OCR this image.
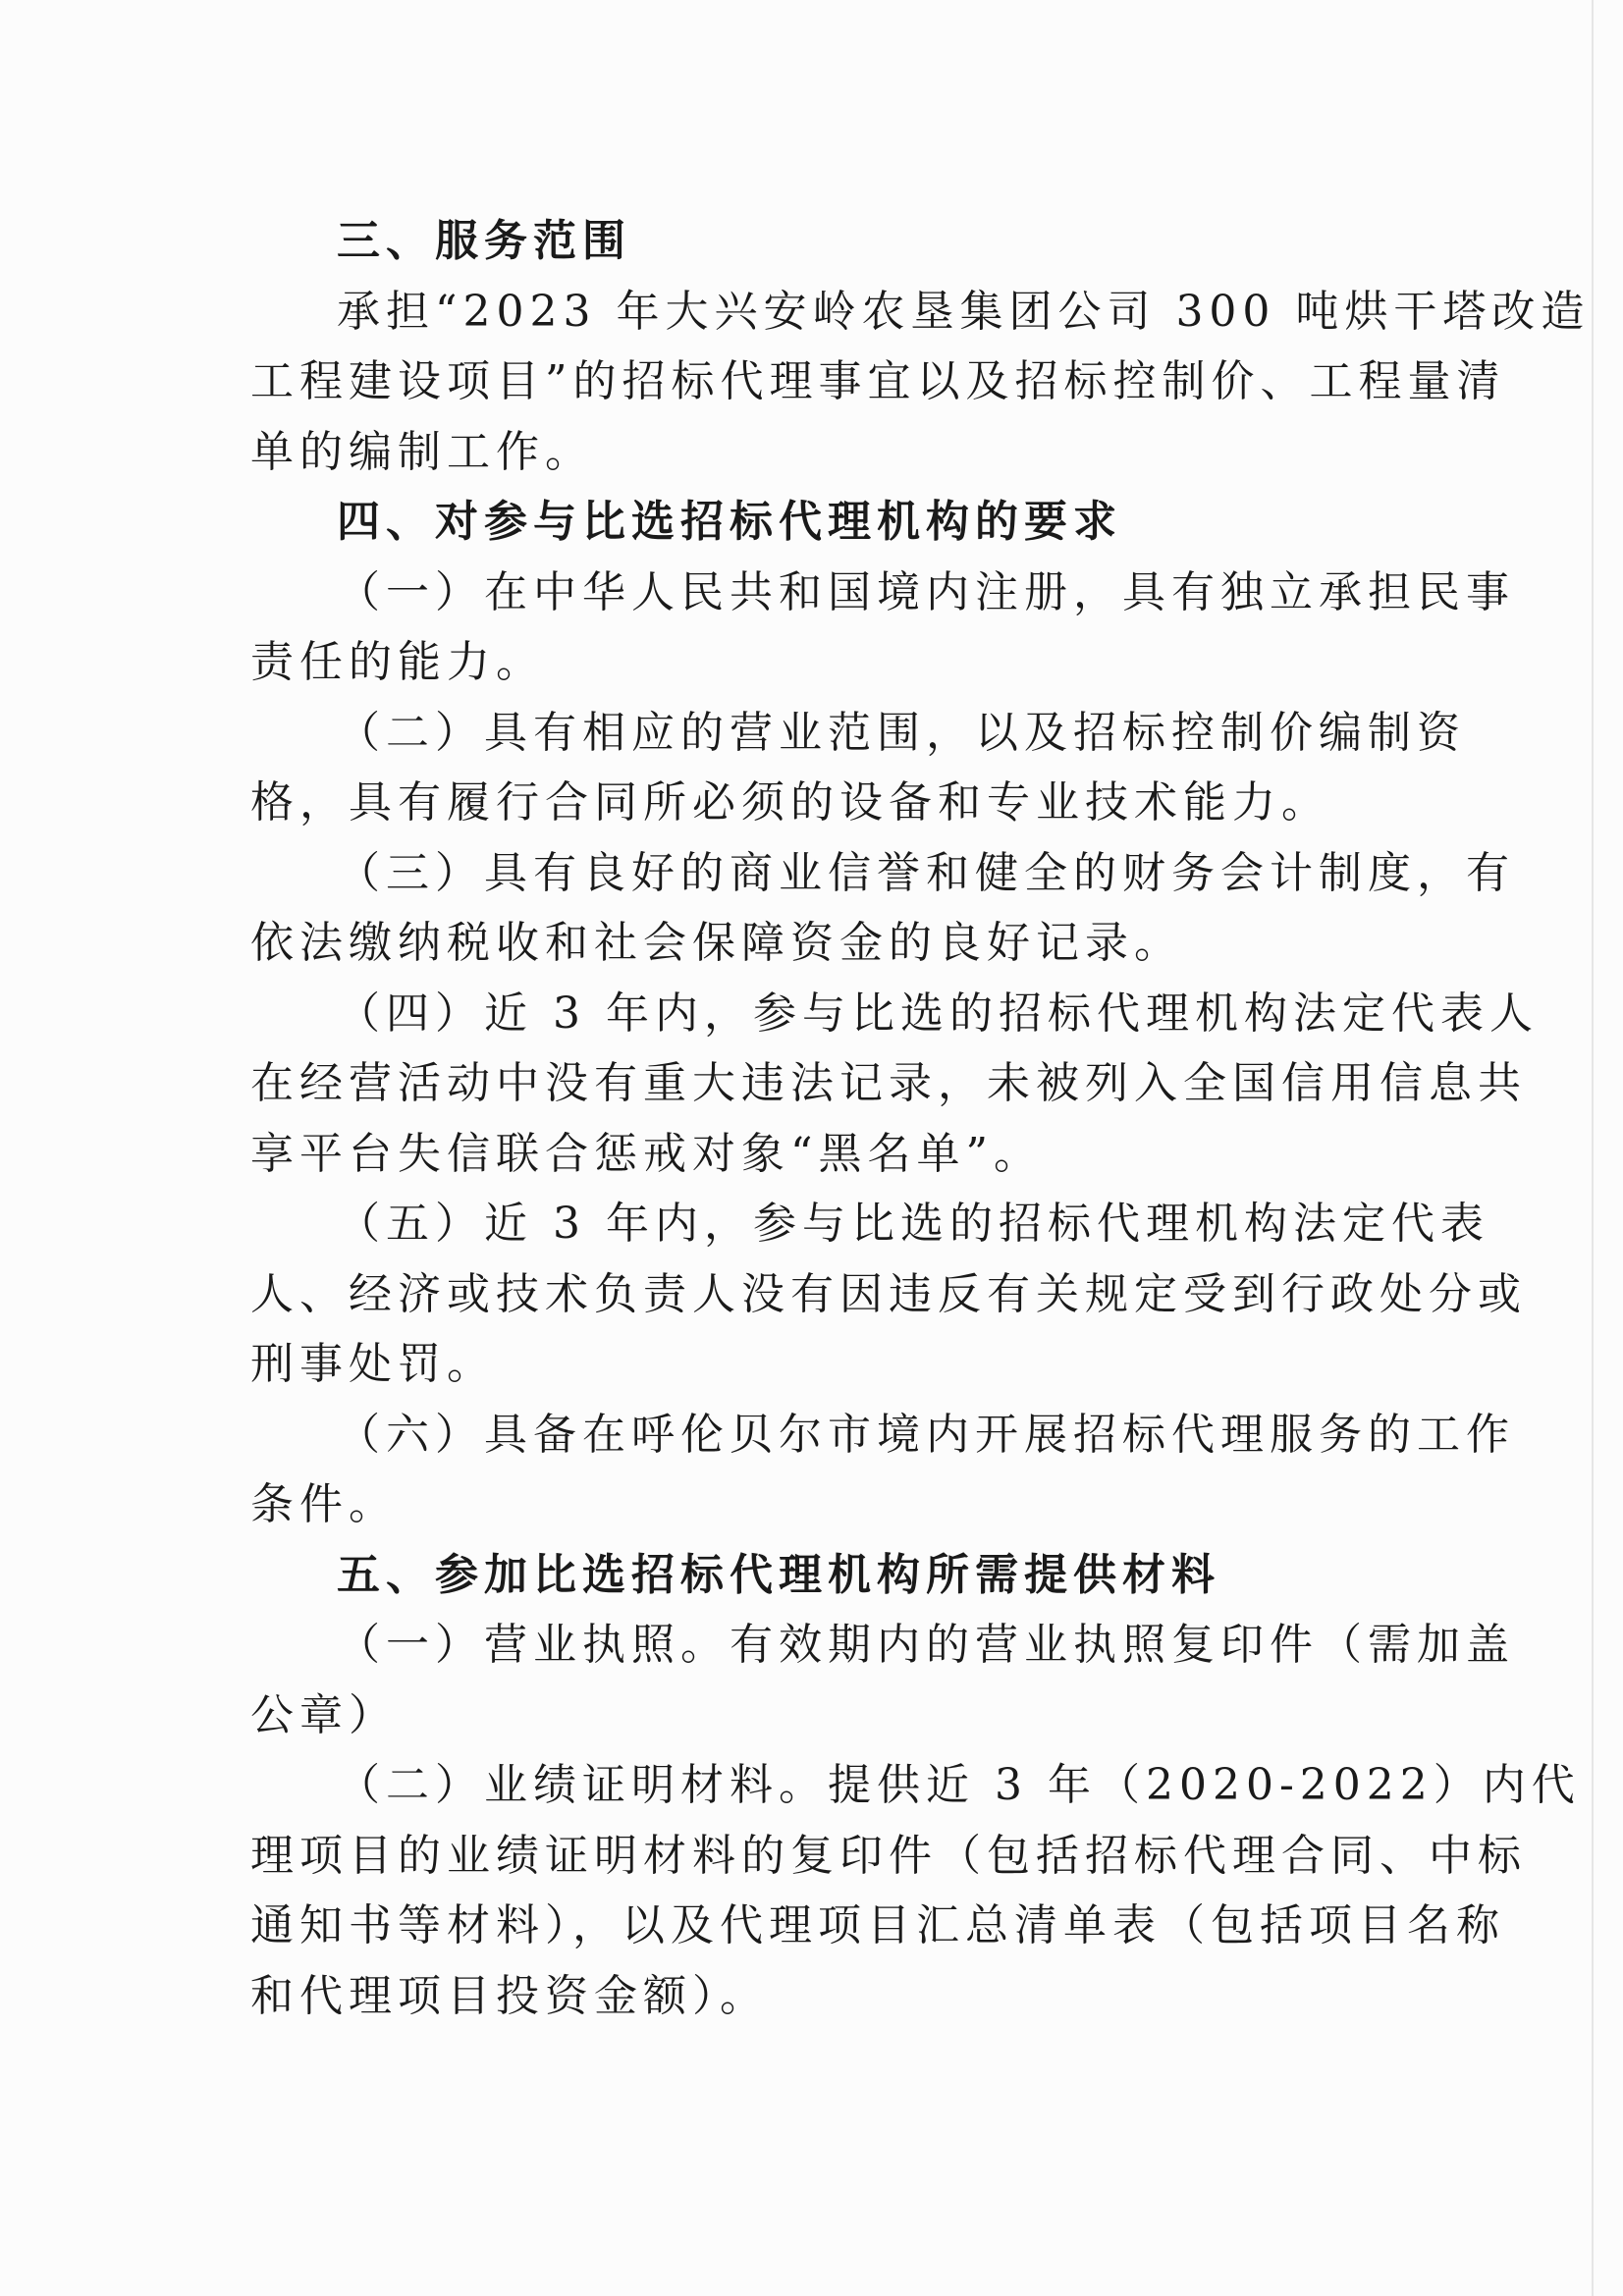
三、服务范围

承担“2023 年大兴安岭农垦集团公司 300 吨烘干塔改造

工程建设项目”的招标代理事宜以及招标控制价、工程量清

单的编制工作。

四、对参与比选招标代理机构的要求

（一）在中华人民共和国境内注册，具有独立承担民事

责任的能力。

（二）具有相应的营业范围，以及招标控制价编制资

格，具有履行合同所必须的设备和专业技术能力。

（三）具有良好的商业信誉和健全的财务会计制度，有

依法缴纳税收和社会保障资金的良好记录。

（四）近 3 年内，参与比选的招标代理机构法定代表人

在经营活动中没有重大违法记录，未被列入全国信用信息共

享平台失信联合惩戒对象“黑名单”。

（五）近 3 年内，参与比选的招标代理机构法定代表

人、经济或技术负责人没有因违反有关规定受到行政处分或

刑事处罚。

（六）具备在呼伦贝尔市境内开展招标代理服务的工作

条件。

五、参加比选招标代理机构所需提供材料

（一）营业执照。有效期内的营业执照复印件（需加盖

公章）

（二）业绩证明材料。提供近 3 年（2020-2022）内代

理项目的业绩证明材料的复印件（包括招标代理合同、中标

通知书等材料），以及代理项目汇总清单表（包括项目名称

和代理项目投资金额）。
